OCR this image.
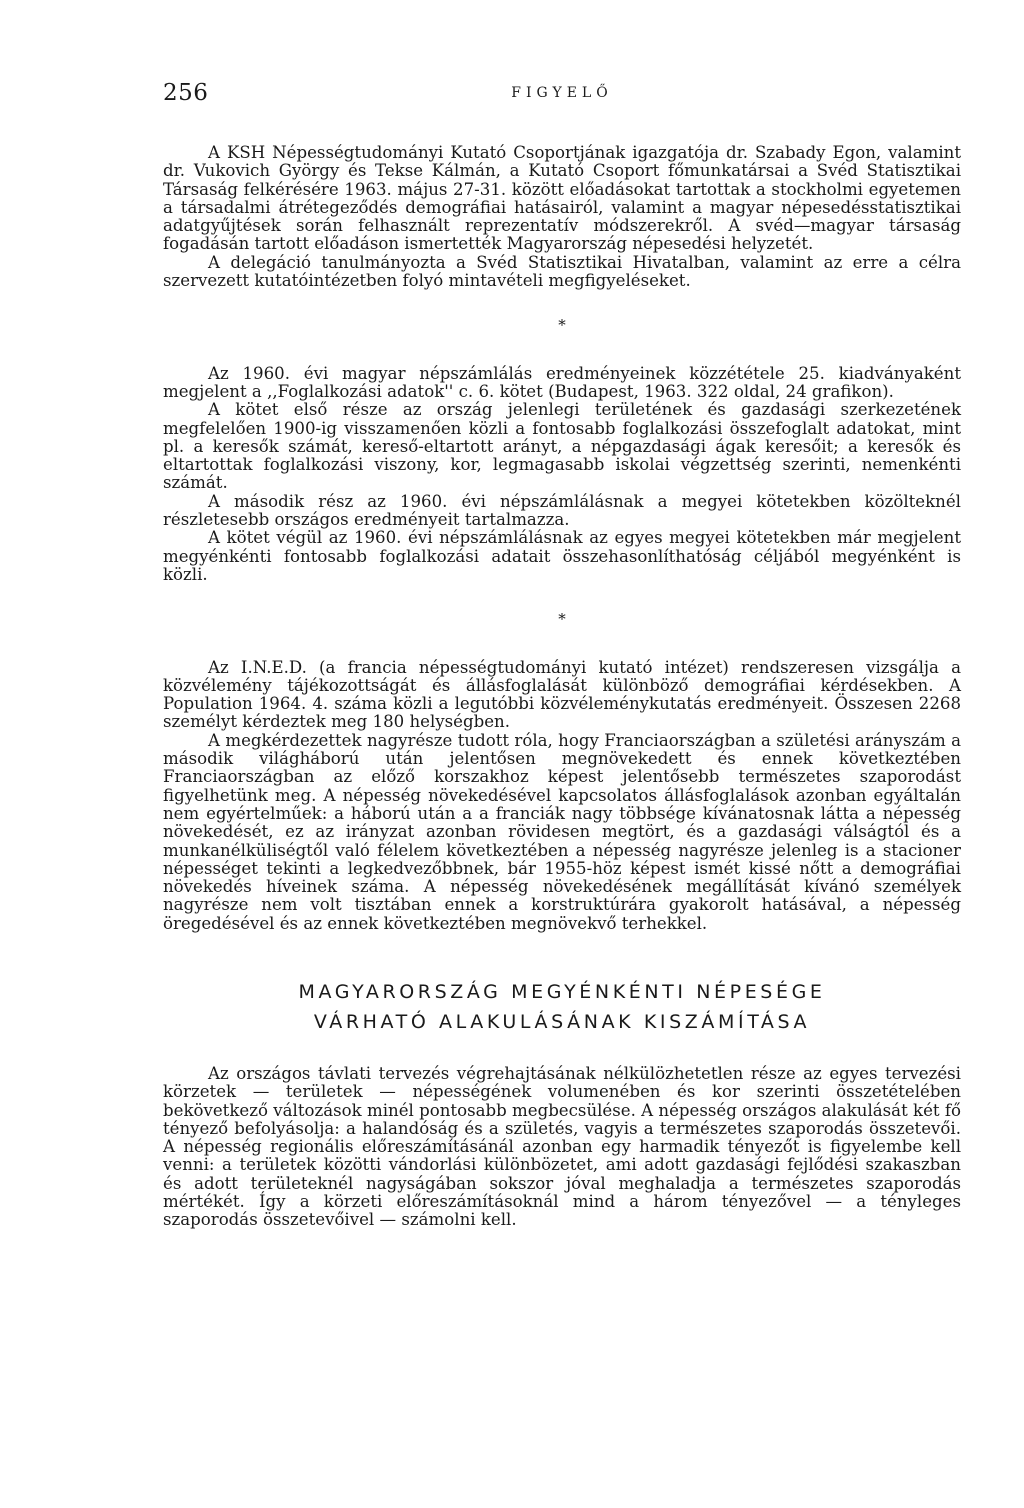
256	FIGYELŐ

A KSH Népességtudományi Kutató Csoportjának igazgatója dr. Szabady Egon, valamint dr. Vukovich György és Tekse Kálmán, a Kutató Csoport főmunkatársai a Svéd Statisztikai Társaság felkérésére 1963. május 27-31. között előadásokat tartottak a stockholmi egyetemen a társadalmi átrétegeződés demográfiai hatásairól, valamint a magyar népesedésstatisztikai adatgyűjtések során felhasznált reprezentatív módszerekről. A svéd—magyar társaság fogadásán tartott előadáson ismertették Magyarország népesedési helyzetét.

A delegáció tanulmányozta a Svéd Statisztikai Hivatalban, valamint az erre a célra szervezett kutatóintézetben folyó mintavételi megfigyeléseket.

*

Az 1960. évi magyar népszámlálás eredményeinek közzététele 25. kiadványaként megjelent a ,,Foglalkozási adatok'' c. 6. kötet (Budapest, 1963. 322 oldal, 24 grafikon).

A kötet első része az ország jelenlegi területének és gazdasági szerkezetének megfelelően 1900-ig visszamenően közli a fontosabb foglalkozási összefoglalt adatokat, mint pl. a keresők számát, kereső-eltartott arányt, a népgazdasági ágak keresőit; a keresők és eltartottak foglalkozási viszony, kor, legmagasabb iskolai végzettség szerinti, nemenkénti számát.

A második rész az 1960. évi népszámlálásnak a megyei kötetekben közölteknél részletesebb országos eredményeit tartalmazza.

A kötet végül az 1960. évi népszámlálásnak az egyes megyei kötetekben már megjelent megyénkénti fontosabb foglalkozási adatait összehasonlíthatóság céljából megyénként is közli.

*

Az I.N.E.D. (a francia népességtudományi kutató intézet) rendszeresen vizsgálja a közvélemény tájékozottságát és állásfoglalását különböző demográfiai kérdésekben. A Population 1964. 4. száma közli a legutóbbi közvéleménykutatás eredményeit. Összesen 2268 személyt kérdeztek meg 180 helységben.

A megkérdezettek nagyrésze tudott róla, hogy Franciaországban a születési arányszám a második világháború után jelentősen megnövekedett és ennek következtében Franciaországban az előző korszakhoz képest jelentősebb természetes szaporodást figyelhetünk meg. A népesség növekedésével kapcsolatos állásfoglalások azonban egyáltalán nem egyértelműek: a háború után a a franciák nagy többsége kívánatosnak látta a népesség növekedését, ez az irányzat azonban rövidesen megtört, és a gazdasági válságtól és a munkanélküliségtől való félelem következtében a népesség nagyrésze jelenleg is a stacioner népességet tekinti a legkedvezőbbnek, bár 1955-höz képest ismét kissé nőtt a demográfiai növekedés híveinek száma. A népesség növekedésének megállítását kívánó személyek nagyrésze nem volt tisztában ennek a korstruktúrára gyakorolt hatásával, a népesség öregedésével és az ennek következtében megnövekvő terhekkel.

MAGYARORSZÁG MEGYÉNKÉNTI NÉPESÉGE
VÁRHATÓ ALAKULÁSÁNAK KISZÁMÍTÁSA

Az országos távlati tervezés végrehajtásának nélkülözhetetlen része az egyes tervezési körzetek — területek — népességének volumenében és kor szerinti összetételében bekövetkező változások minél pontosabb megbecsülése. A népesség országos alakulását két fő tényező befolyásolja: a halandóság és a születés, vagyis a természetes szaporodás összetevői. A népesség regionális előreszámításánál azonban egy harmadik tényezőt is figyelembe kell venni: a területek közötti vándorlási különbözetet, ami adott gazdasági fejlődési szakaszban és adott területeknél nagyságában sokszor jóval meghaladja a természetes szaporodás mértékét. Így a körzeti előreszámításoknál mind a három tényezővel — a tényleges szaporodás összetevőivel — számolni kell.
